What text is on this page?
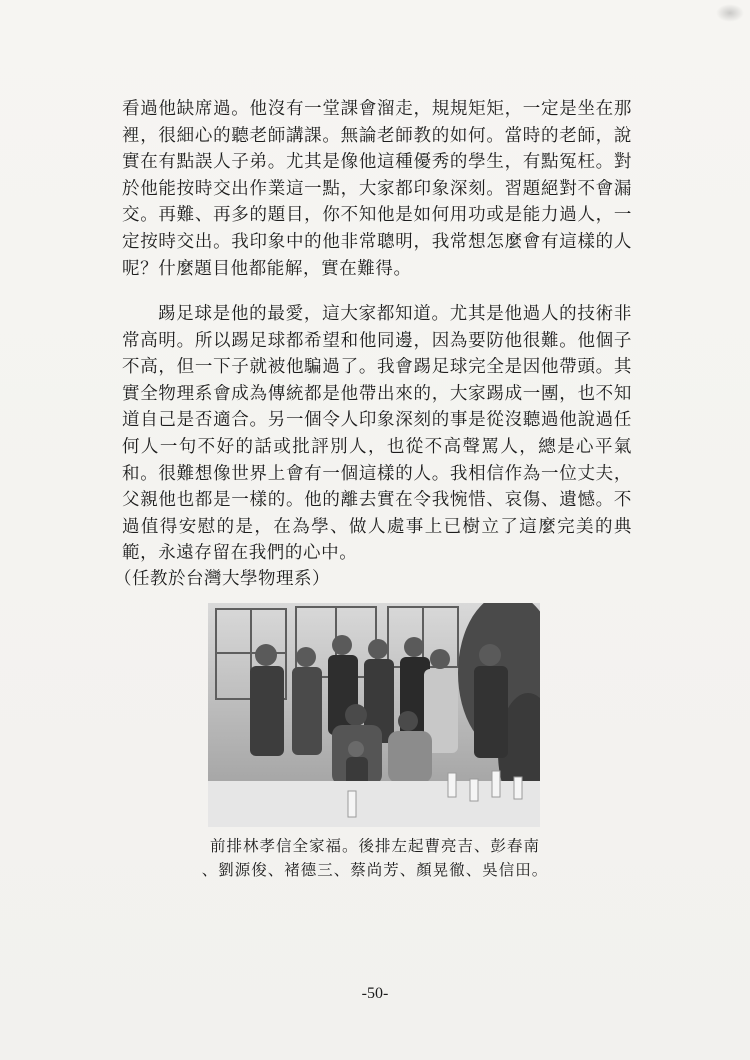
看過他缺席過。他沒有一堂課會溜走，規規矩矩，一定是坐在那裡，很細心的聽老師講課。無論老師教的如何。當時的老師，說實在有點誤人子弟。尤其是像他這種優秀的學生，有點冤枉。對於他能按時交出作業這一點，大家都印象深刻。習題絕對不會漏交。再難、再多的題目，你不知他是如何用功或是能力過人，一定按時交出。我印象中的他非常聰明，我常想怎麼會有這樣的人呢？什麼題目他都能解，實在難得。

踢足球是他的最愛，這大家都知道。尤其是他過人的技術非常高明。所以踢足球都希望和他同邊，因為要防他很難。他個子不高，但一下子就被他騙過了。我會踢足球完全是因他帶頭。其實全物理系會成為傳統都是他帶出來的，大家踢成一團，也不知道自己是否適合。另一個令人印象深刻的事是從沒聽過他說過任何人一句不好的話或批評別人，也從不高聲罵人，總是心平氣和。很難想像世界上會有一個這樣的人。我相信作為一位丈夫，父親他也都是一樣的。他的離去實在令我惋惜、哀傷、遺憾。不過值得安慰的是，在為學、做人處事上已樹立了這麼完美的典範，永遠存留在我們的心中。

（任教於台灣大學物理系）

前排林孝信全家福。後排左起曹亮吉、彭春南

、劉源俊、褚德三、蔡尚芳、顏晃徹、吳信田。

-50-
